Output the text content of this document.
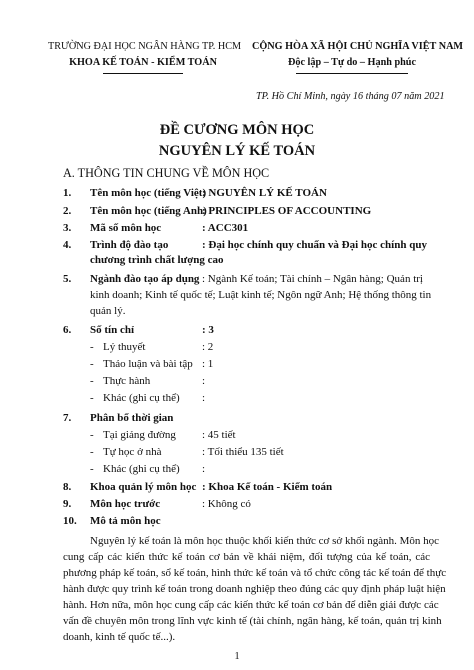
TRƯỜNG ĐẠI HỌC NGÂN HÀNG TP. HCM
KHOA KẾ TOÁN - KIỂM TOÁN
CỘNG HÒA XÃ HỘI CHỦ NGHĨA VIỆT NAM
Độc lập – Tự do – Hạnh phúc
TP. Hồ Chí Minh, ngày 16 tháng 07 năm 2021
ĐỀ CƯƠNG MÔN HỌC
NGUYÊN LÝ KẾ TOÁN
A. THÔNG TIN CHUNG VỀ MÔN HỌC
1. Tên môn học (tiếng Việt)
: NGUYÊN LÝ KẾ TOÁN
2. Tên môn học (tiếng Anh)
: PRINCIPLES OF ACCOUNTING
3. Mã số môn học	: ACC301
4. Trình độ đào tạo	: Đại học chính quy chuẩn và Đại học chính quy
chương trình chất lượng cao
5. Ngành đào tạo áp dụng : Ngành Kế toán; Tài chính – Ngân hàng; Quản trị
kinh doanh; Kinh tế quốc tế; Luật kinh tế; Ngôn ngữ Anh; Hệ thống thông tin
quản lý.
6. Số tín chỉ	: 3
- Lý thuyết	: 2
- Thảo luận và bài tập : 1
- Thực hành	:
- Khác (ghi cụ thể) :
7. Phân bổ thời gian
- Tại giảng đường : 45 tiết
- Tự học ở nhà	: Tối thiểu 135 tiết
- Khác (ghi cụ thể) :
8. Khoa quản lý môn học : Khoa Kế toán - Kiểm toán
9. Môn học trước	: Không có
10. Mô tả môn học
Nguyên lý kế toán là môn học thuộc khối kiến thức cơ sở khối ngành. Môn học
cung cấp các kiến thức kế toán cơ bản về khái niệm, đối tượng của kế toán, các
phương pháp kế toán, sổ kế toán, hình thức kế toán và tổ chức công tác kế toán để thực
hành được quy trình kế toán trong doanh nghiệp theo đúng các quy định pháp luật hiện
hành. Hơn nữa, môn học cung cấp các kiến thức kế toán cơ bản để diễn giải được các
vấn đề chuyên môn trong lĩnh vực kinh tế (tài chính, ngân hàng, kế toán, quản trị kinh
doanh, kinh tế quốc tế...).
1
